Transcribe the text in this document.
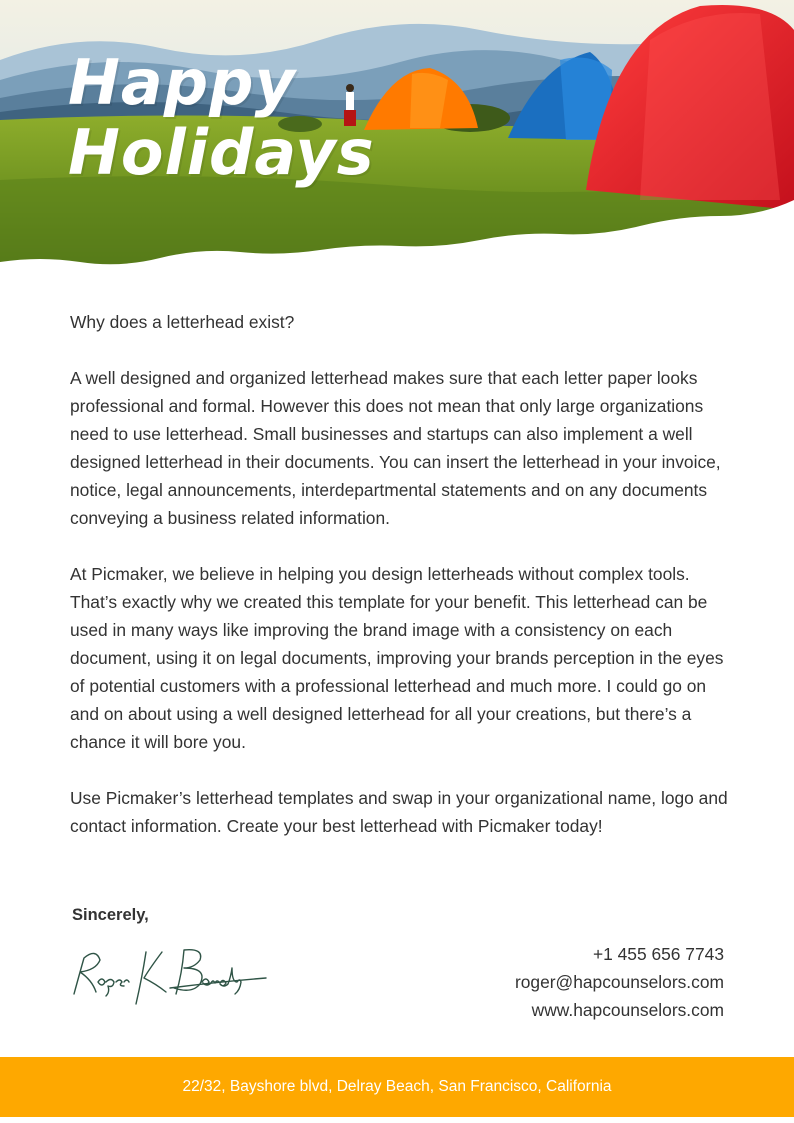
Happy
Holidays

Why does a letterhead exist?

A well designed and organized letterhead makes sure that each letter paper looks professional and formal. However this does not mean that only large organizations need to use letterhead. Small businesses and startups can also implement a well designed letterhead in their documents. You can insert the letterhead in your invoice, notice, legal announcements, interdepartmental statements and on any documents conveying a business related information.

At Picmaker, we believe in helping you design letterheads without complex tools. That’s exactly why we created this template for your benefit. This letterhead can be used in many ways like improving the brand image with a consistency on each document, using it on legal documents, improving your brands perception in the eyes of potential customers with a professional letterhead and much more. I could go on and on about using a well designed letterhead for all your creations, but there’s a chance it will bore you.

Use Picmaker’s letterhead templates and swap in your organizational name, logo and contact information. Create your best letterhead with Picmaker today!

Sincerely,
+1 455 656 7743
roger@hapcounselors.com
www.hapcounselors.com
22/32, Bayshore blvd, Delray Beach, San Francisco, California
